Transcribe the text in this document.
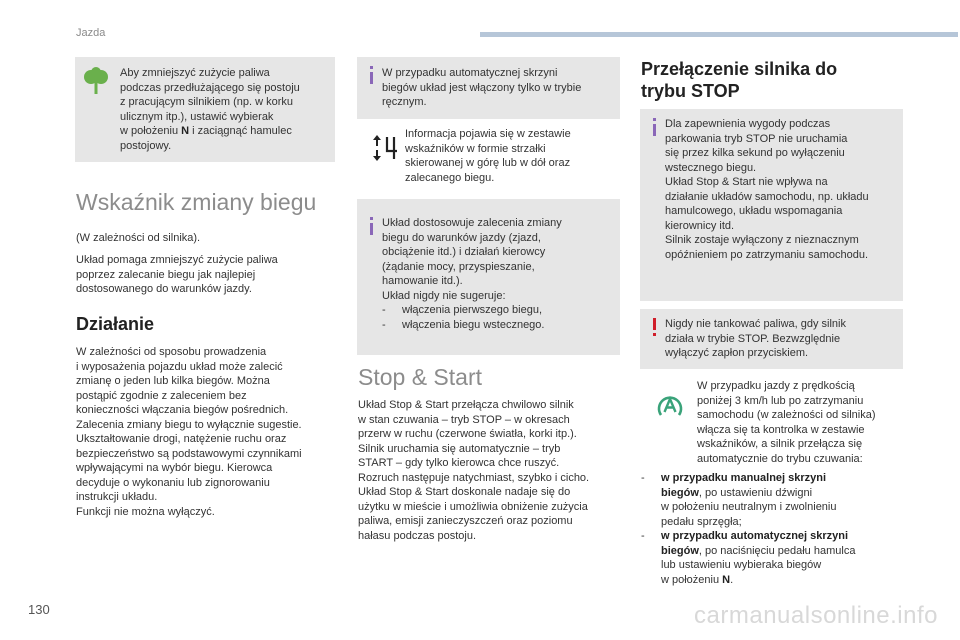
Jazda
Aby zmniejszyć zużycie paliwa
podczas przedłużającego się postoju
z pracującym silnikiem (np. w korku
ulicznym itp.), ustawić wybierak
w położeniu N i zaciągnąć hamulec
postojowy.
Wskaźnik zmiany biegu
(W zależności od silnika).
Układ pomaga zmniejszyć zużycie paliwa
poprzez zalecanie biegu jak najlepiej
dostosowanego do warunków jazdy.
Działanie
W zależności od sposobu prowadzenia
i wyposażenia pojazdu układ może zalecić
zmianę o jeden lub kilka biegów. Można
postąpić zgodnie z zaleceniem bez
konieczności włączania biegów pośrednich.
Zalecenia zmiany biegu to wyłącznie sugestie.
Ukształtowanie drogi, natężenie ruchu oraz
bezpieczeństwo są podstawowymi czynnikami
wpływającymi na wybór biegu. Kierowca
decyduje o wykonaniu lub zignorowaniu
instrukcji układu.
Funkcji nie można wyłączyć.
W przypadku automatycznej skrzyni
biegów układ jest włączony tylko w trybie
ręcznym.
Informacja pojawia się w zestawie
wskaźników w formie strzałki
skierowanej w górę lub w dół oraz
zalecanego biegu.
Układ dostosowuje zalecenia zmiany
biegu do warunków jazdy (zjazd,
obciążenie itd.) i działań kierowcy
(żądanie mocy, przyspieszanie,
hamowanie itd.).
Układ nigdy nie sugeruje:
- włączenia pierwszego biegu,
- włączenia biegu wstecznego.
Stop & Start
Układ Stop & Start przełącza chwilowo silnik
w stan czuwania – tryb STOP – w okresach
przerw w ruchu (czerwone światła, korki itp.).
Silnik uruchamia się automatycznie – tryb
START – gdy tylko kierowca chce ruszyć.
Rozruch następuje natychmiast, szybko i cicho.
Układ Stop & Start doskonale nadaje się do
użytku w mieście i umożliwia obniżenie zużycia
paliwa, emisji zanieczyszczeń oraz poziomu
hałasu podczas postoju.
Przełączenie silnika do
trybu STOP
Dla zapewnienia wygody podczas
parkowania tryb STOP nie uruchamia
się przez kilka sekund po wyłączeniu
wstecznego biegu.
Układ Stop & Start nie wpływa na
działanie układów samochodu, np. układu
hamulcowego, układu wspomagania
kierownicy itd.
Silnik zostaje wyłączony z nieznacznym
opóźnieniem po zatrzymaniu samochodu.
Nigdy nie tankować paliwa, gdy silnik
działa w trybie STOP. Bezwzględnie
wyłączyć zapłon przyciskiem.
W przypadku jazdy z prędkością
poniżej 3 km/h lub po zatrzymaniu
samochodu (w zależności od silnika)
włącza się ta kontrolka w zestawie
wskaźników, a silnik przełącza się
automatycznie do trybu czuwania:
- w przypadku manualnej skrzyni
biegów, po ustawieniu dźwigni
w położeniu neutralnym i zwolnieniu
pedału sprzęgła;
- w przypadku automatycznej skrzyni
biegów, po naciśnięciu pedału hamulca
lub ustawieniu wybieraka biegów
w położeniu N.
130	carmanualsonline.info
